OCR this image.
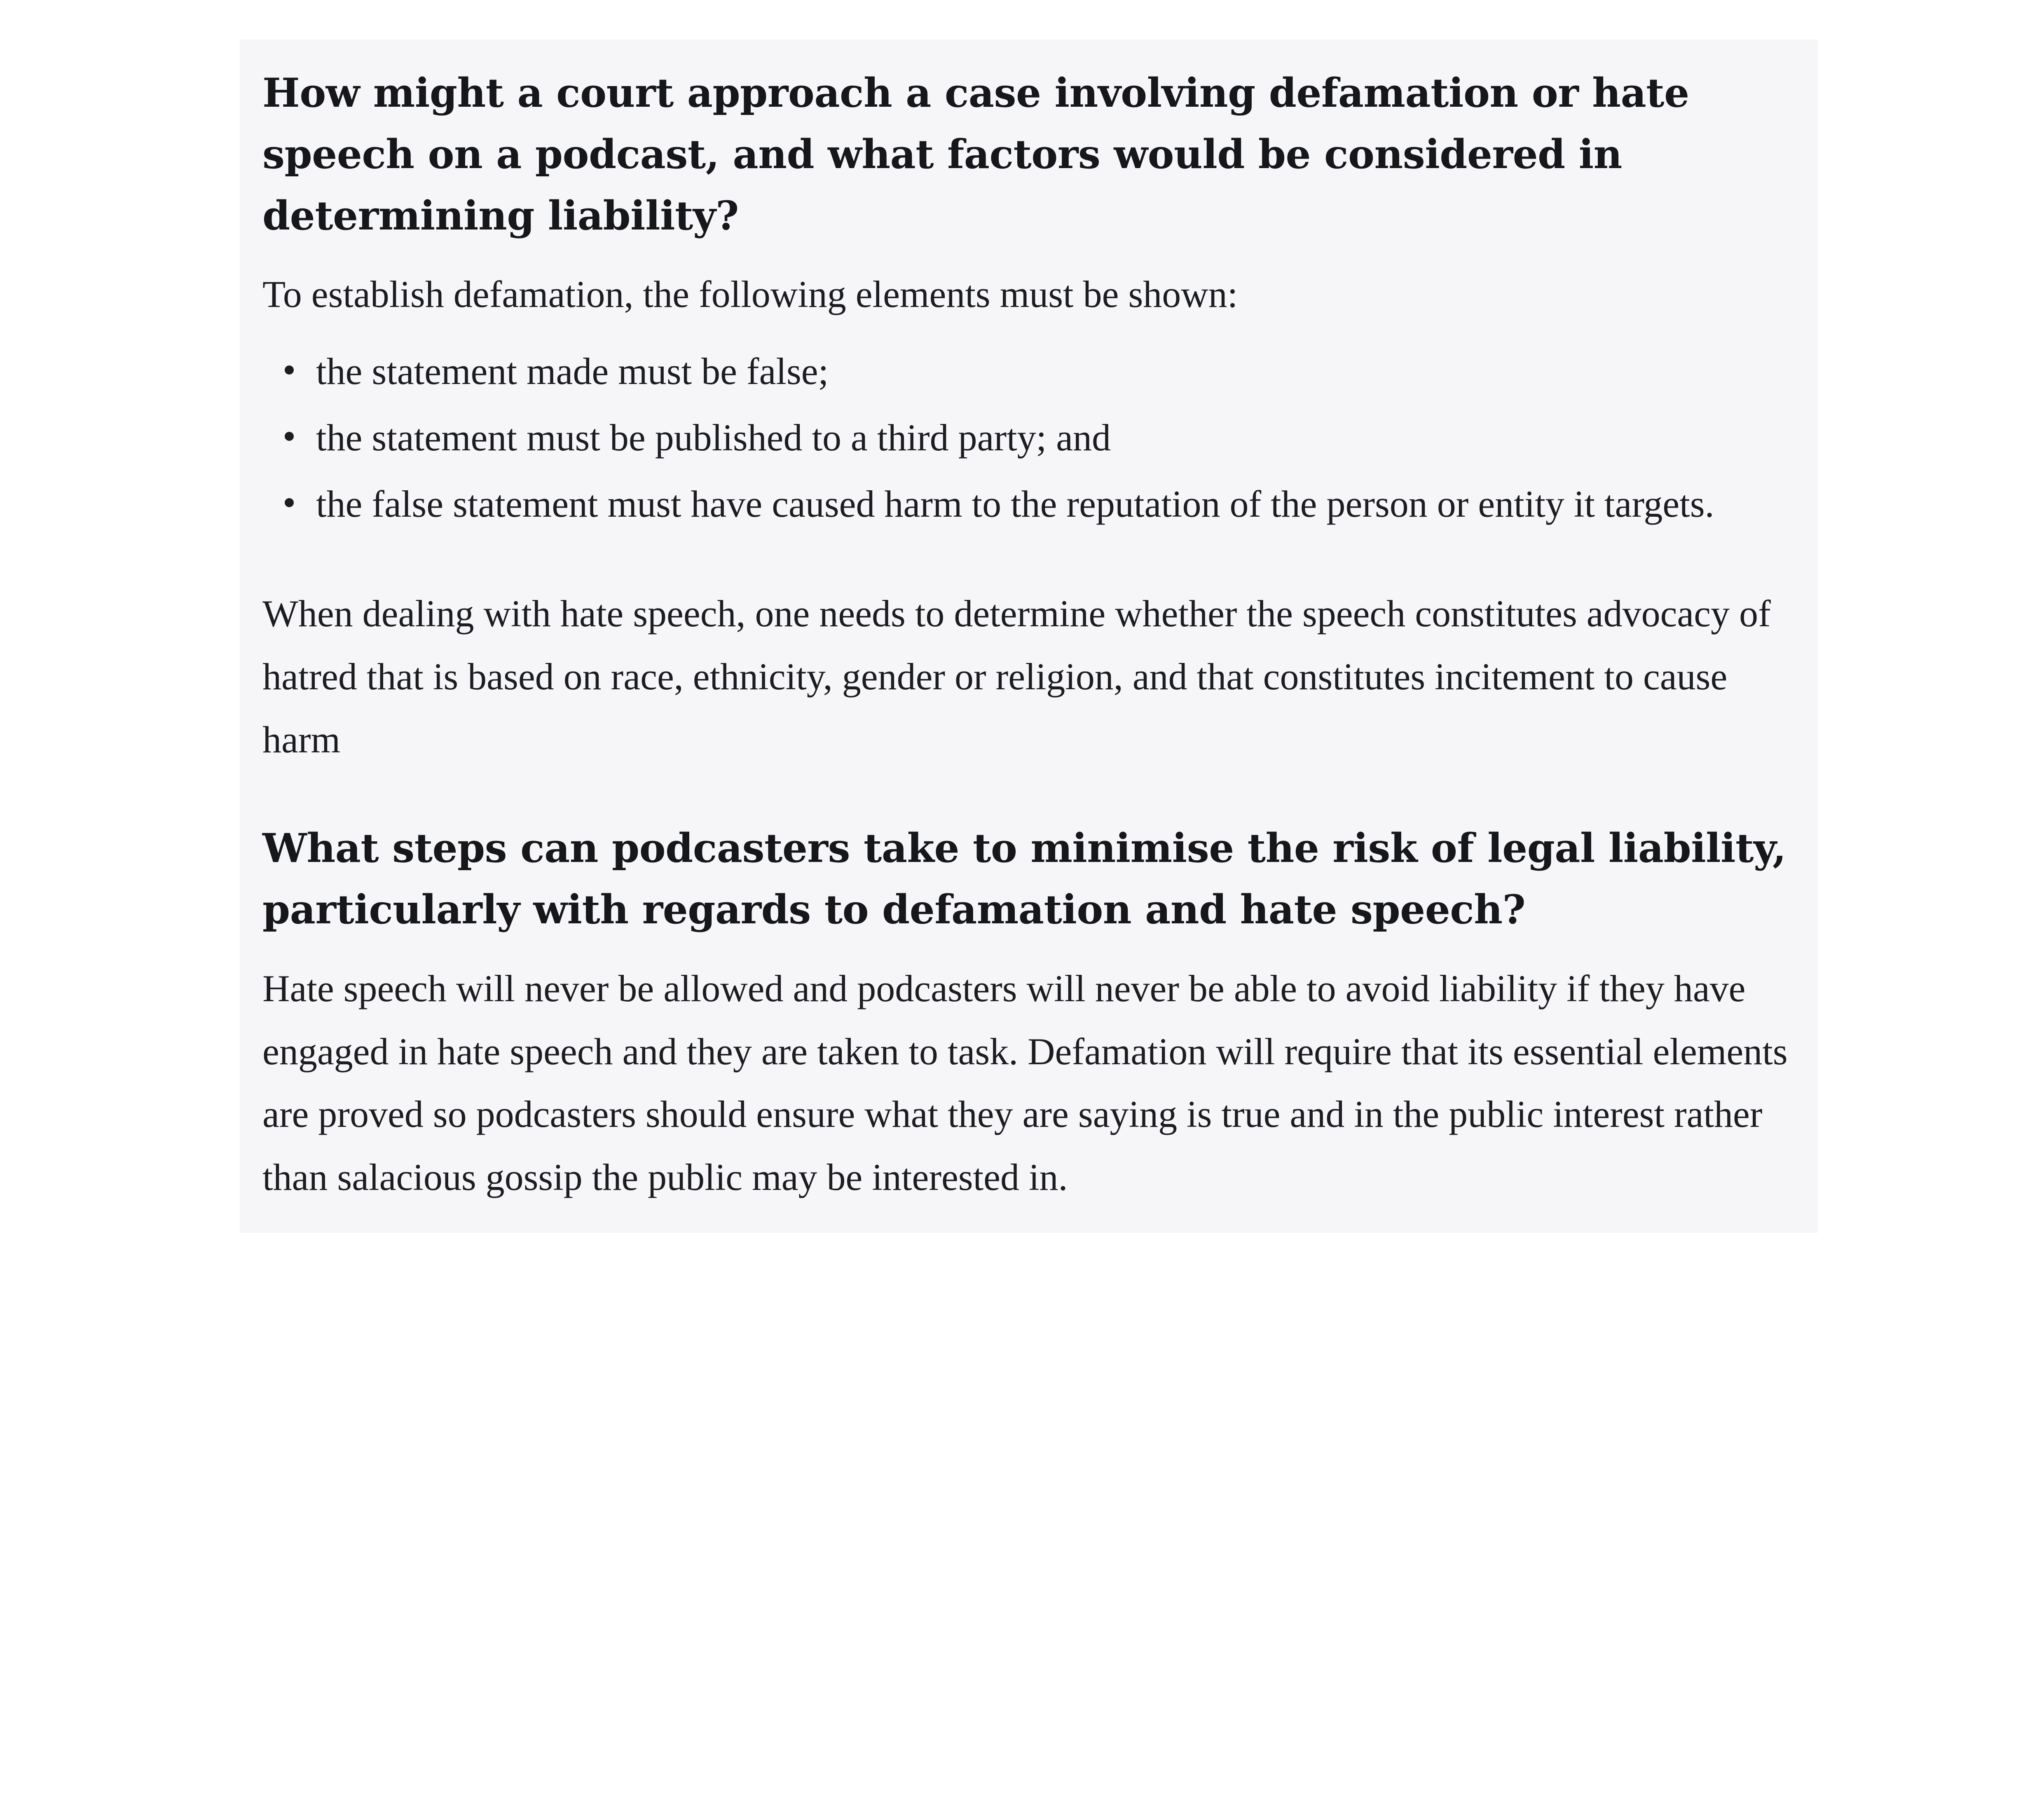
How might a court approach a case involving defamation or hate speech on a podcast, and what factors would be considered in determining liability?

To establish defamation, the following elements must be shown:

the statement made must be false;
the statement must be published to a third party; and
the false statement must have caused harm to the reputation of the person or entity it targets.

When dealing with hate speech, one needs to determine whether the speech constitutes advocacy of hatred that is based on race, ethnicity, gender or religion, and that constitutes incitement to cause harm

What steps can podcasters take to minimise the risk of legal liability, particularly with regards to defamation and hate speech?

Hate speech will never be allowed and podcasters will never be able to avoid liability if they have engaged in hate speech and they are taken to task. Defamation will require that its essential elements are proved so podcasters should ensure what they are saying is true and in the public interest rather than salacious gossip the public may be interested in.
